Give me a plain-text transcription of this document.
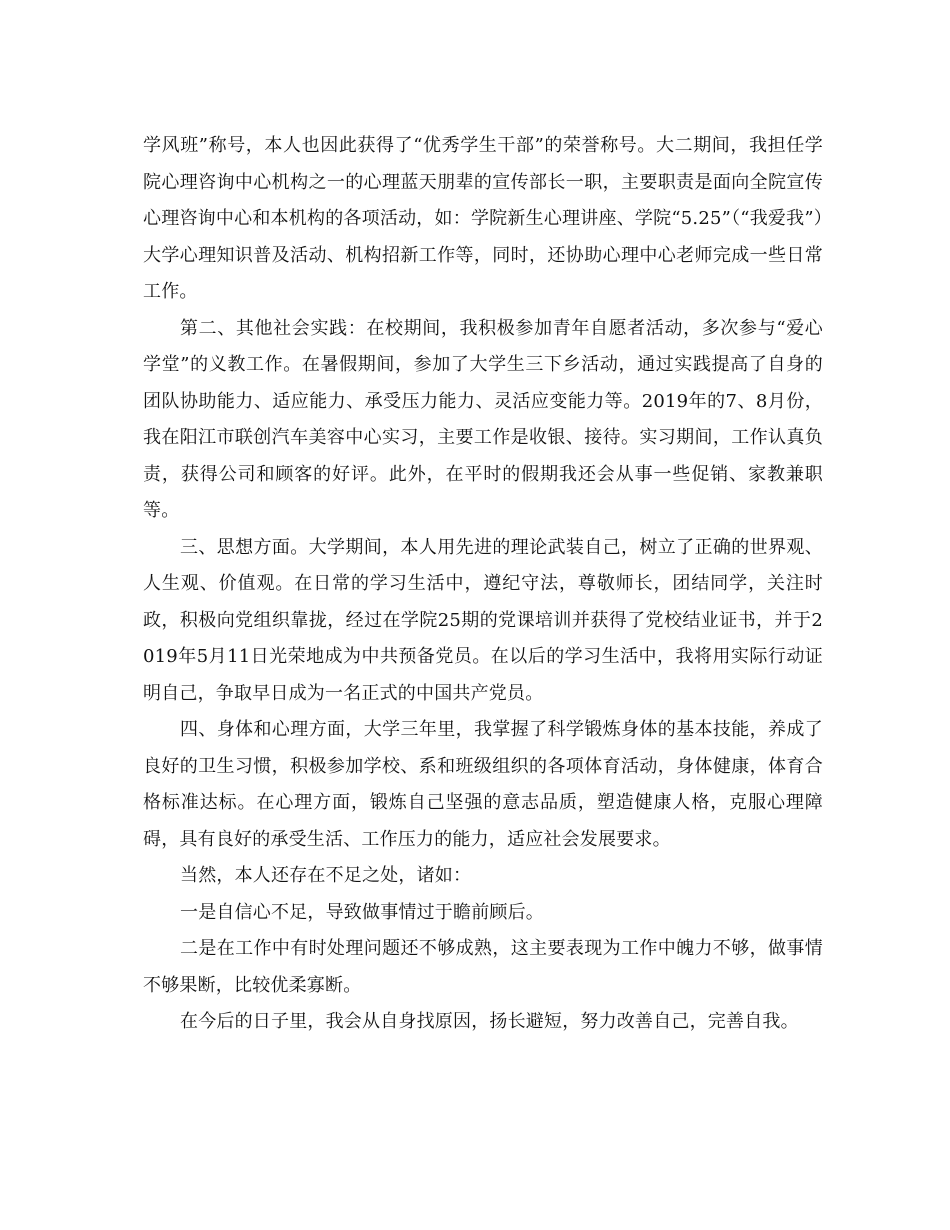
学风班”称号，本人也因此获得了“优秀学生干部”的荣誉称号。大二期间，我担任学院心理咨询中心机构之一的心理蓝天朋辈的宣传部长一职，主要职责是面向全院宣传心理咨询中心和本机构的各项活动，如：学院新生心理讲座、学院“5.25”（“我爱我”）大学心理知识普及活动、机构招新工作等，同时，还协助心理中心老师完成一些日常工作。

第二、其他社会实践：在校期间，我积极参加青年自愿者活动，多次参与“爱心学堂”的义教工作。在暑假期间，参加了大学生三下乡活动，通过实践提高了自身的团队协助能力、适应能力、承受压力能力、灵活应变能力等。2019年的7、8月份，我在阳江市联创汽车美容中心实习，主要工作是收银、接待。实习期间，工作认真负责，获得公司和顾客的好评。此外，在平时的假期我还会从事一些促销、家教兼职等。

三、思想方面。大学期间，本人用先进的理论武装自己，树立了正确的世界观、人生观、价值观。在日常的学习生活中，遵纪守法，尊敬师长，团结同学，关注时政，积极向党组织靠拢，经过在学院25期的党课培训并获得了党校结业证书，并于2019年5月11日光荣地成为中共预备党员。在以后的学习生活中，我将用实际行动证明自己，争取早日成为一名正式的中国共产党员。

四、身体和心理方面，大学三年里，我掌握了科学锻炼身体的基本技能，养成了良好的卫生习惯，积极参加学校、系和班级组织的各项体育活动，身体健康，体育合格标准达标。在心理方面，锻炼自己坚强的意志品质，塑造健康人格，克服心理障碍，具有良好的承受生活、工作压力的能力，适应社会发展要求。

当然，本人还存在不足之处，诸如：

一是自信心不足，导致做事情过于瞻前顾后。

二是在工作中有时处理问题还不够成熟，这主要表现为工作中魄力不够，做事情不够果断，比较优柔寡断。

在今后的日子里，我会从自身找原因，扬长避短，努力改善自己，完善自我。
